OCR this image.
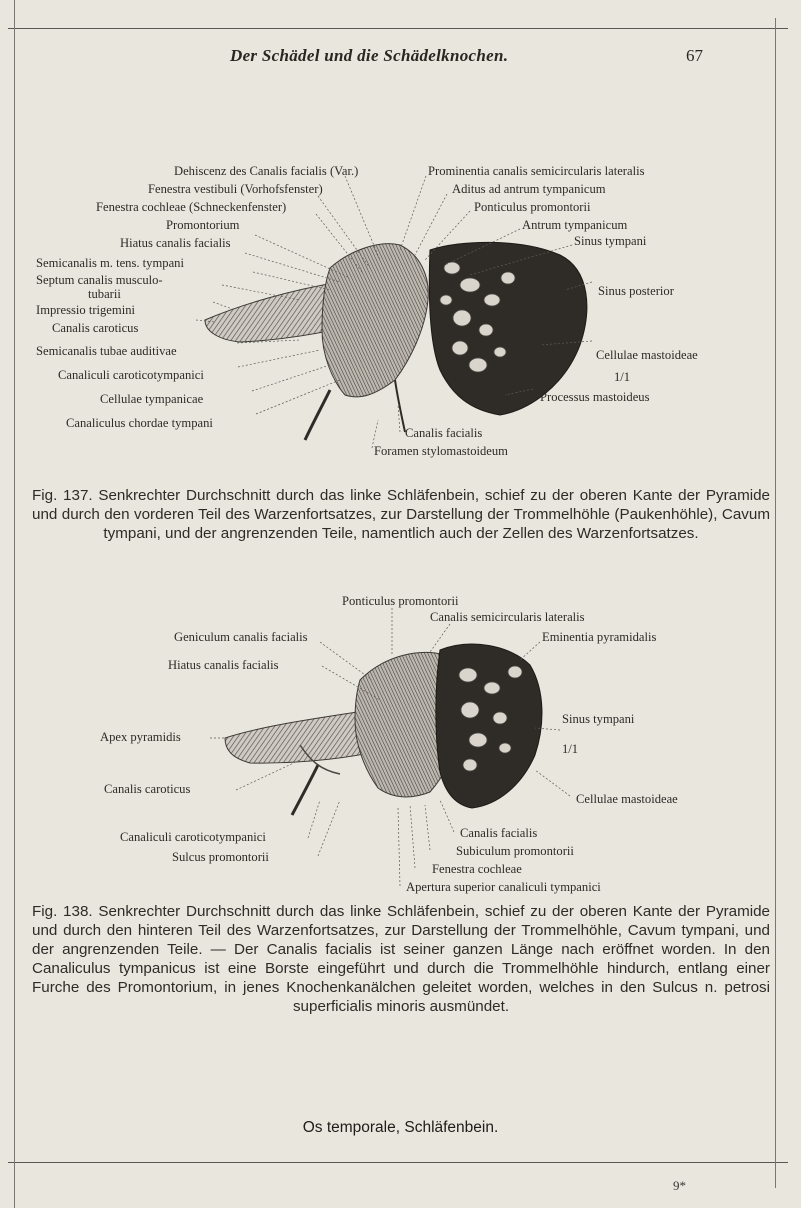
Der Schädel und die Schädelknochen.	67
Dehiscenz des Canalis facialis (Var.)
Fenestra vestibuli (Vorhofsfenster)
Fenestra cochleae (Schneckenfenster)
Promontorium
Hiatus canalis facialis
Semicanalis m. tens. tympani
Septum canalis musculo-
tubarii
Impressio trigemini
Canalis caroticus
Semicanalis tubae auditivae
Canaliculi caroticotympanici
Cellulae tympanicae
Canaliculus chordae tympani
Prominentia canalis semicircularis lateralis
Aditus ad antrum tympanicum
Ponticulus promontorii
Antrum tympanicum
Sinus tympani
Sinus posterior
Cellulae mastoideae
1/1
Processus mastoideus
Canalis facialis
Foramen stylomastoideum
Fig. 137. Senkrechter Durchschnitt durch das linke Schläfenbein, schief zu der oberen Kante der Pyramide und durch den vorderen Teil des Warzenfortsatzes, zur Darstellung der Trommelhöhle (Paukenhöhle), Cavum tympani, und der angrenzenden Teile, namentlich auch der Zellen des Warzenfortsatzes.
Ponticulus promontorii
Canalis semicircularis lateralis
Geniculum canalis facialis	Eminentia pyramidalis
Hiatus canalis facialis
Sinus tympani
Apex pyramidis
1/1
Canalis caroticus
Cellulae mastoideae
Canaliculi caroticotympanici	Canalis facialis
Sulcus promontorii	Subiculum promontorii
Fenestra cochleae
Apertura superior canaliculi tympanici
Fig. 138. Senkrechter Durchschnitt durch das linke Schläfenbein, schief zu der oberen Kante der Pyramide und durch den hinteren Teil des Warzenfortsatzes, zur Darstellung der Trommelhöhle, Cavum tympani, und der angrenzenden Teile. — Der Canalis facialis ist seiner ganzen Länge nach eröffnet worden. In den Canaliculus tympanicus ist eine Borste eingeführt und durch die Trommelhöhle hindurch, entlang einer Furche des Promontorium, in jenes Knochenkanälchen geleitet worden, welches in den Sulcus n. petrosi superficialis minoris ausmündet.
Os temporale, Schläfenbein.
9*
